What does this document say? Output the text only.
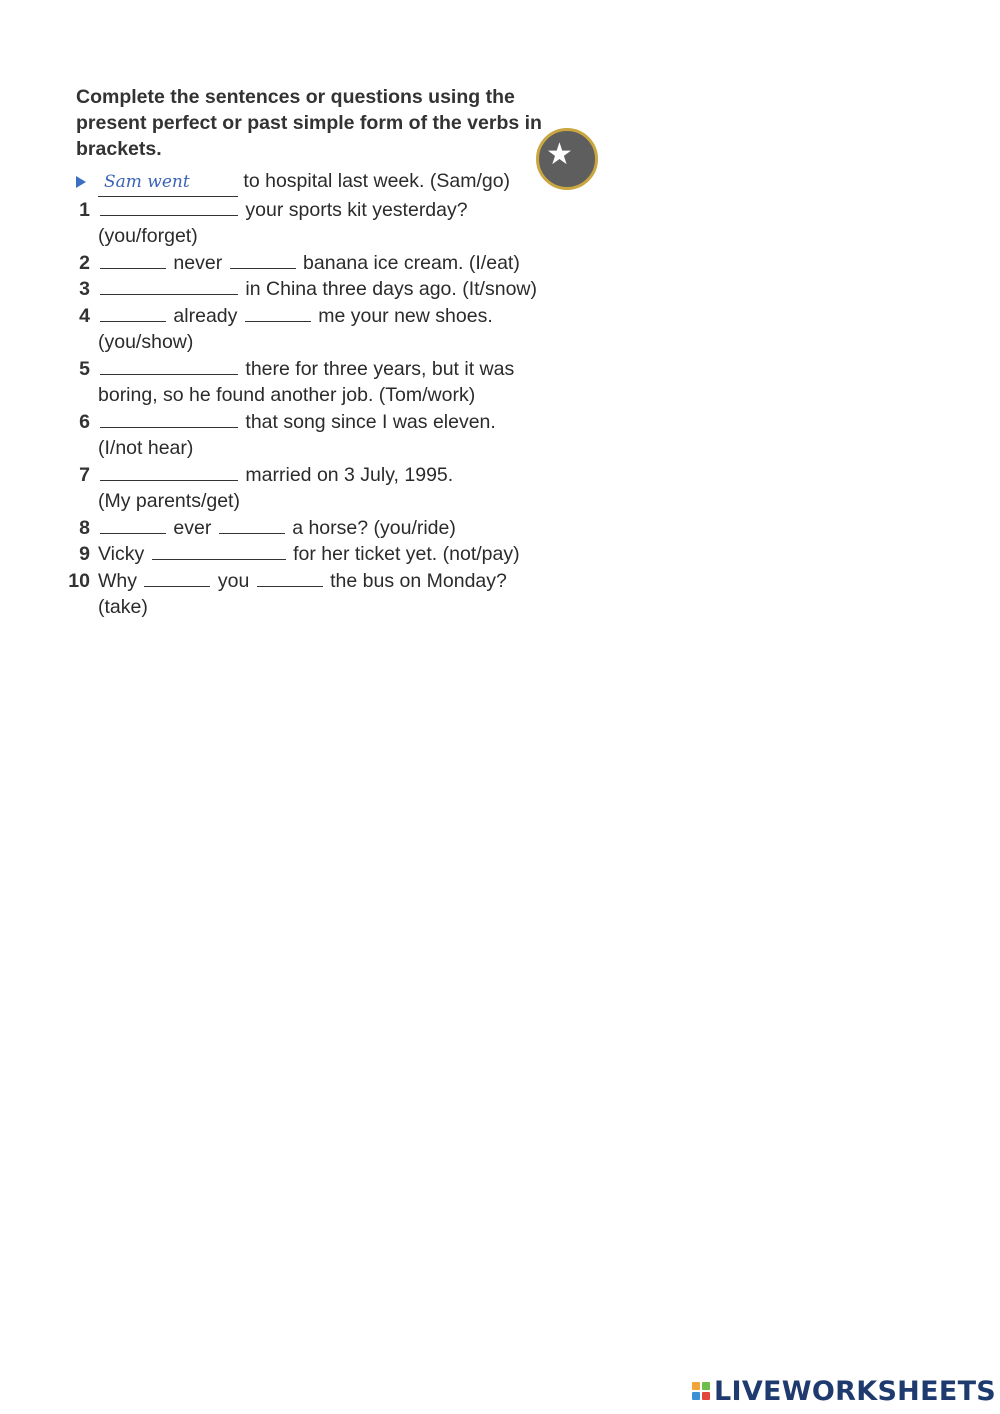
Complete the sentences or questions using the present perfect or past simple form of the verbs in brackets.

Sam went	to hospital last week. (Sam/go)
1	your sports kit yesterday?
(you/forget)
2	never	banana ice cream. (I/eat)
3	in China three days ago. (It/snow)
4	already	me your new shoes.
(you/show)
5	there for three years, but it was
boring, so he found another job. (Tom/work)
6	that song since I was eleven.
(I/not hear)
7	married on 3 July, 1995.
(My parents/get)
8	ever	a horse? (you/ride)
9 Vicky	for her ticket yet. (not/pay)
10 Why	you	the bus on Monday?
(take)
★
LIVEWORKSHEETS
